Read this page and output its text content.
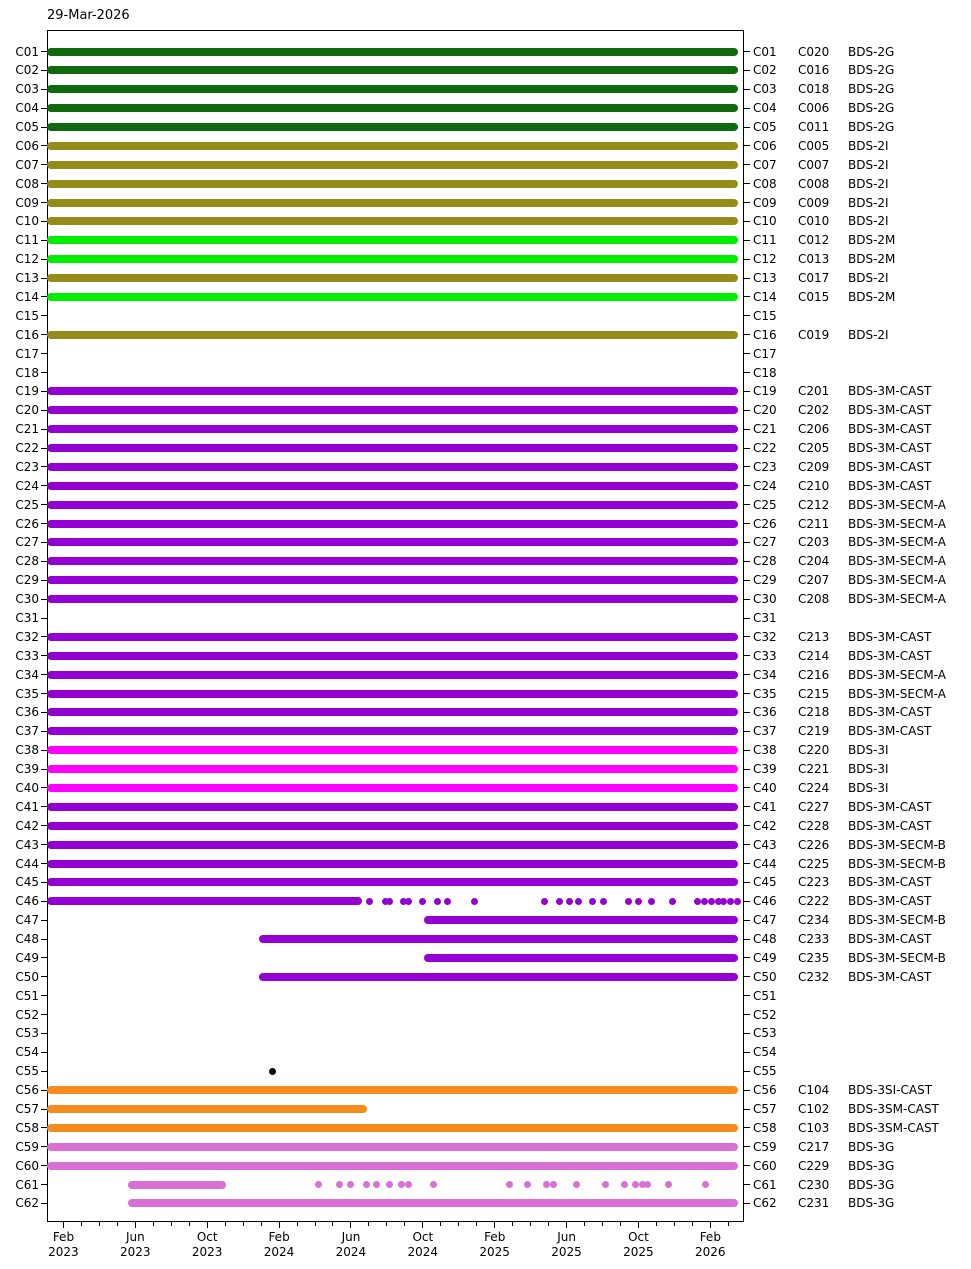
29-Mar-2026
C01	C01	C020	BDS-2G
C02	C02	C016	BDS-2G
C03	C03	C018	BDS-2G
C04	C04	C006	BDS-2G
C05	C05	C011	BDS-2G
C06	C06	C005	BDS-2I
C07	C07	C007	BDS-2I
C08	C08	C008	BDS-2I
C09	C09	C009	BDS-2I
C10	C10	C010	BDS-2I
C11	C11	C012	BDS-2M
C12	C12	C013	BDS-2M
C13	C13	C017	BDS-2I
C14	C14	C015	BDS-2M
C15	C15
C16	C16	C019	BDS-2I
C17	C17
C18	C18
C19	C19	C201	BDS-3M-CAST
C20	C20	C202	BDS-3M-CAST
C21	C21	C206	BDS-3M-CAST
C22	C22	C205	BDS-3M-CAST
C23	C23	C209	BDS-3M-CAST
C24	C24	C210	BDS-3M-CAST
C25	C25	C212	BDS-3M-SECM-A
C26	C26	C211	BDS-3M-SECM-A
C27	C27	C203	BDS-3M-SECM-A
C28	C28	C204	BDS-3M-SECM-A
C29	C29	C207	BDS-3M-SECM-A
C30	C30	C208	BDS-3M-SECM-A
C31	C31
C32	C32	C213	BDS-3M-CAST
C33	C33	C214	BDS-3M-CAST
C34	C34	C216	BDS-3M-SECM-A
C35	C35	C215	BDS-3M-SECM-A
C36	C36	C218	BDS-3M-CAST
C37	C37	C219	BDS-3M-CAST
C38	C38	C220	BDS-3I
C39	C39	C221	BDS-3I
C40	C40	C224	BDS-3I
C41	C41	C227	BDS-3M-CAST
C42	C42	C228	BDS-3M-CAST
C43	C43	C226	BDS-3M-SECM-B
C44	C44	C225	BDS-3M-SECM-B
C45	C45	C223	BDS-3M-CAST
C46	C46	C222	BDS-3M-CAST
C47	C47	C234	BDS-3M-SECM-B
C48	C48	C233	BDS-3M-CAST
C49	C49	C235	BDS-3M-SECM-B
C50	C50	C232	BDS-3M-CAST
C51	C51
C52	C52
C53	C53
C54	C54
C55	C55
C56	C56	C104	BDS-3SI-CAST
C57	C57	C102	BDS-3SM-CAST
C58	C58	C103	BDS-3SM-CAST
C59	C59	C217	BDS-3G
C60	C60	C229	BDS-3G
C61	C61	C230	BDS-3G
C62	C62	C231	BDS-3G
Feb
2023
Jun
2023
Oct
2023
Feb
2024
Jun
2024
Oct
2024
Feb
2025
Jun
2025
Oct
2025
Feb
2026
